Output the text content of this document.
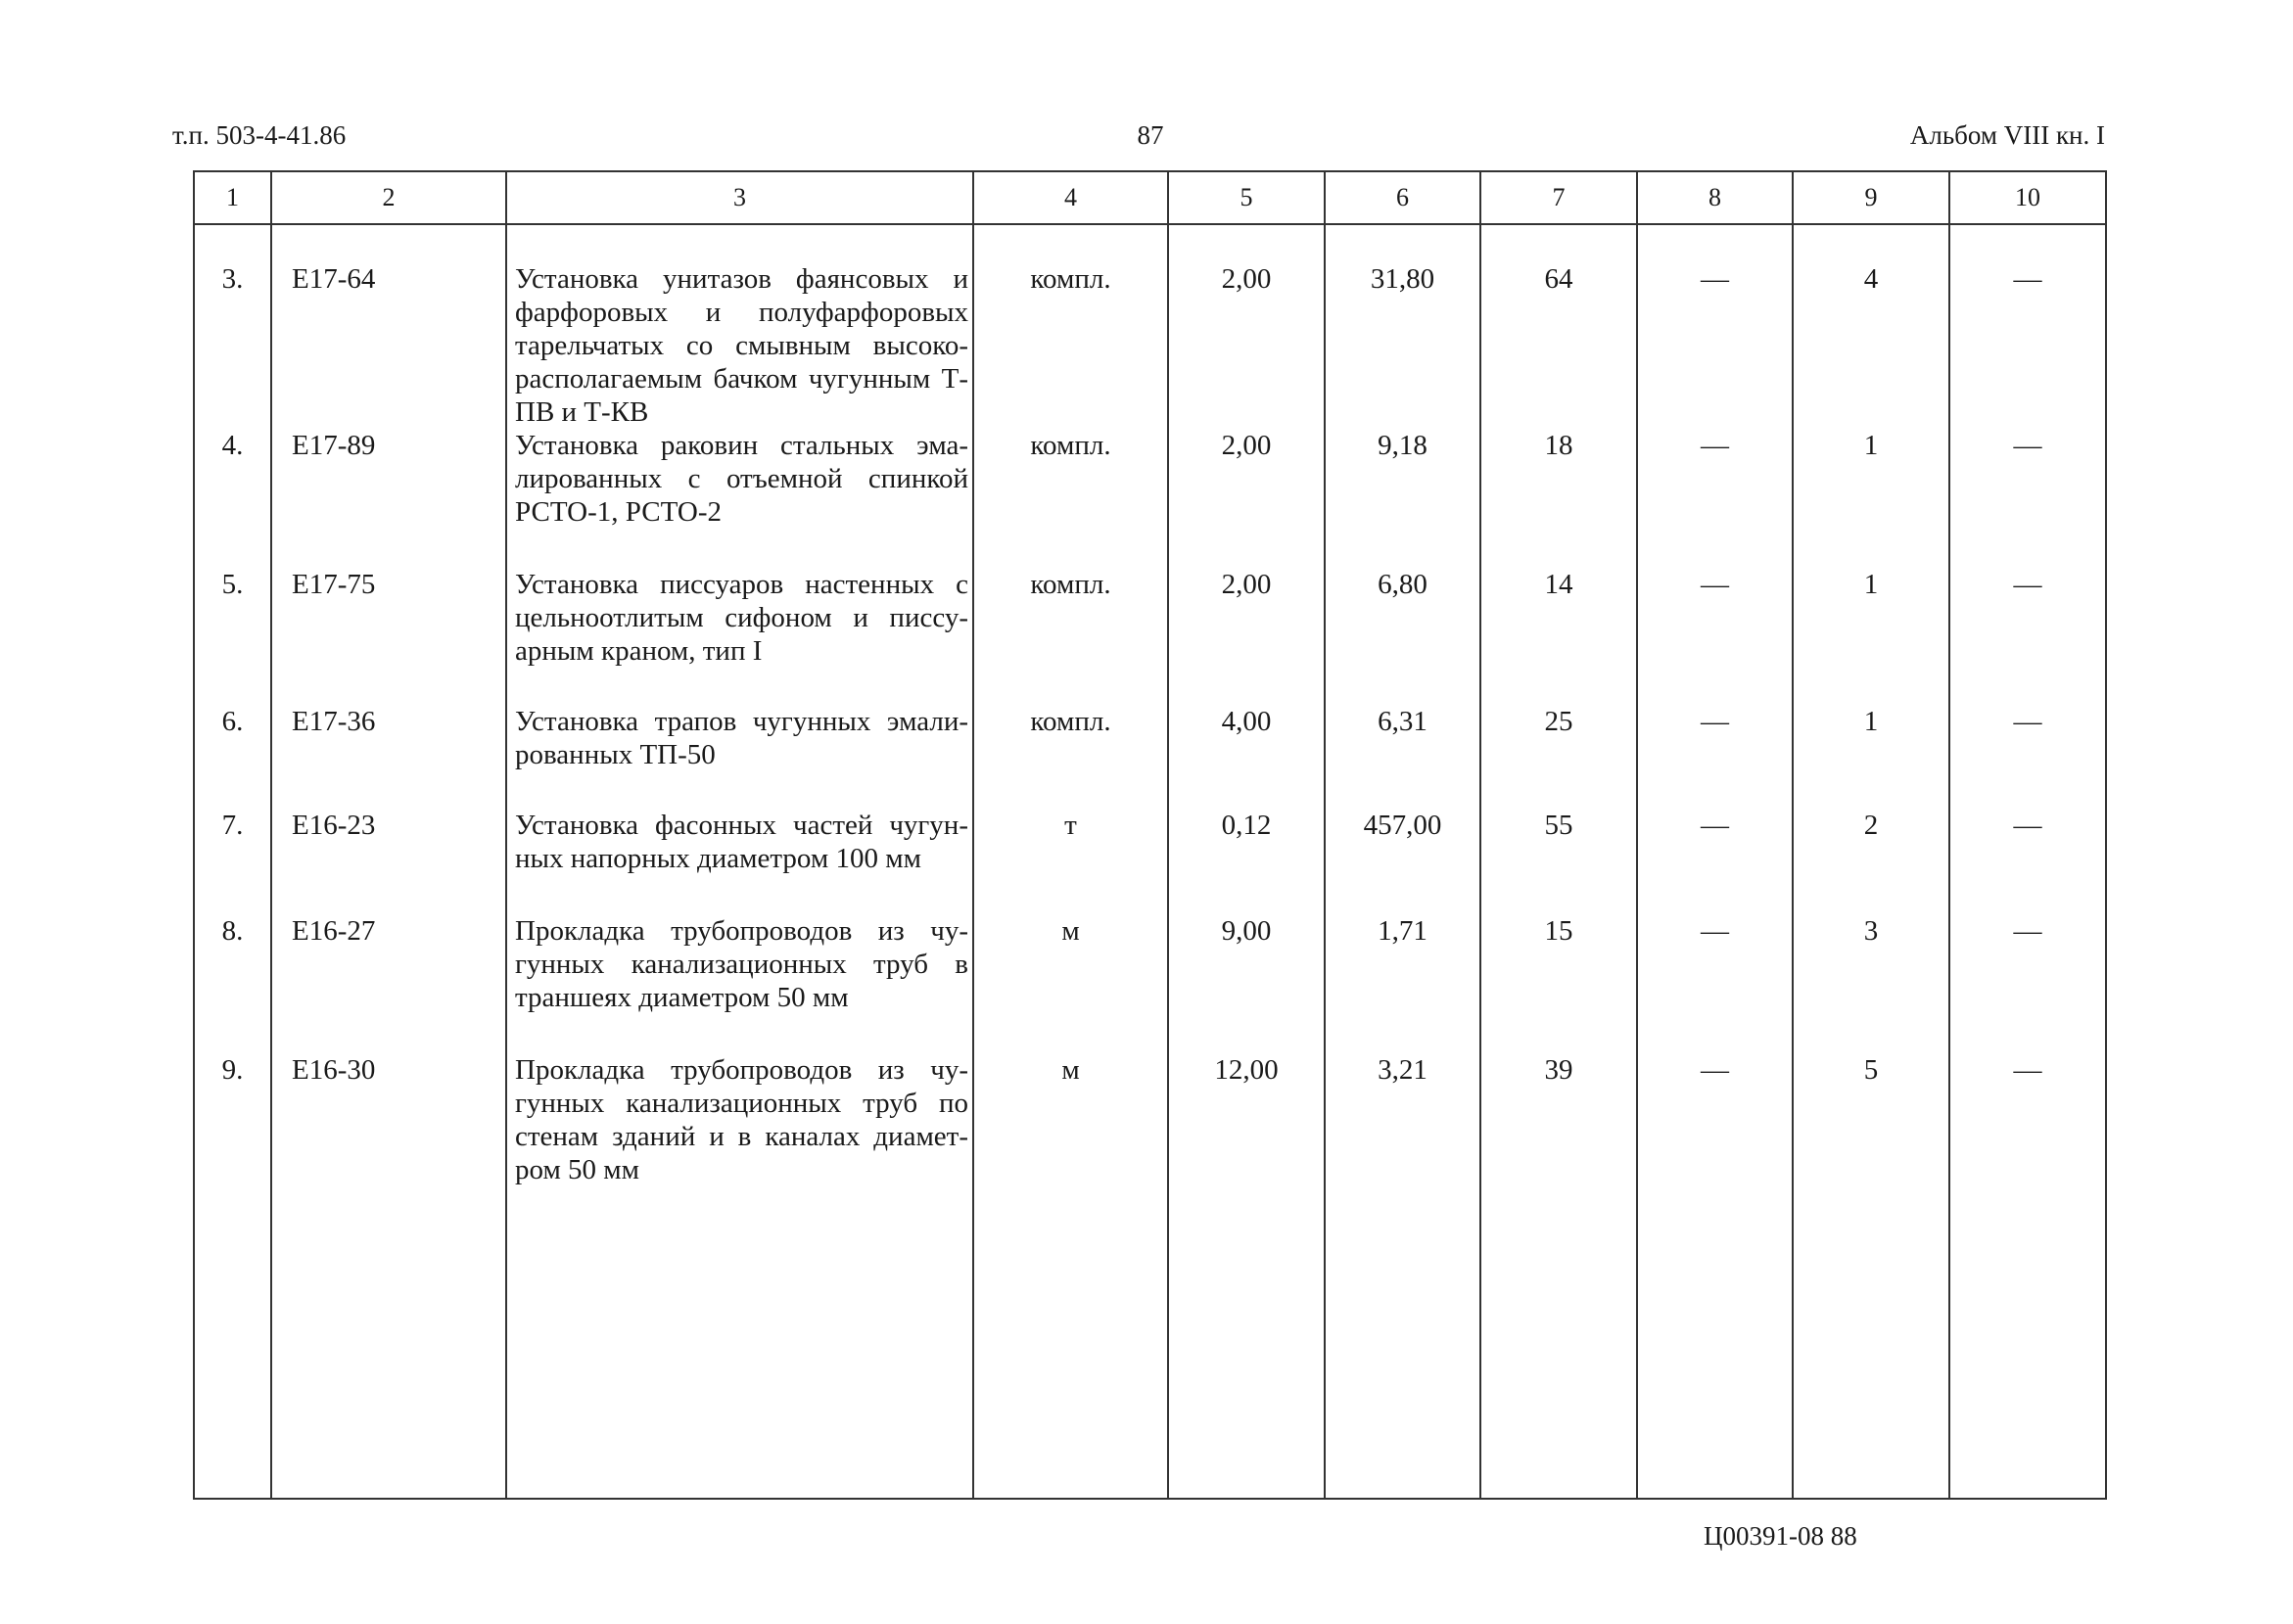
т.п. 503-4-41.86	87	Альбом VIII кн. I
1	2	3	4	5	6	7	8	9	10
3.	Е17-64	Установка унитазов фаянсовых и фарфоровых и полуфарфоровых тарельчатых со смывным высоко-располагаемым бачком чугунным Т-ПВ и Т-КВ	компл.	2,00	31,80	64	—	4	—
4.	Е17-89	Установка раковин стальных эма-лированных с отъемной спинкой РСТО-1, РСТО-2	компл.	2,00	9,18	18	—	1	—
5.	Е17-75	Установка писсуаров настенных с цельноотлитым сифоном и писсу-арным краном, тип I	компл.	2,00	6,80	14	—	1	—
6.	Е17-36	Установка трапов чугунных эмали-рованных ТП-50	компл.	4,00	6,31	25	—	1	—
7.	Е16-23	Установка фасонных частей чугун-ных напорных диаметром 100 мм	т	0,12	457,00	55	—	2	—
8.	Е16-27	Прокладка трубопроводов из чу-гунных канализационных труб в траншеях диаметром 50 мм	м	9,00	1,71	15	—	3	—
9.	Е16-30	Прокладка трубопроводов из чу-гунных канализационных труб по стенам зданий и в каналах диамет-ром 50 мм	м	12,00	3,21	39	—	5	—

Ц00391-08 88
